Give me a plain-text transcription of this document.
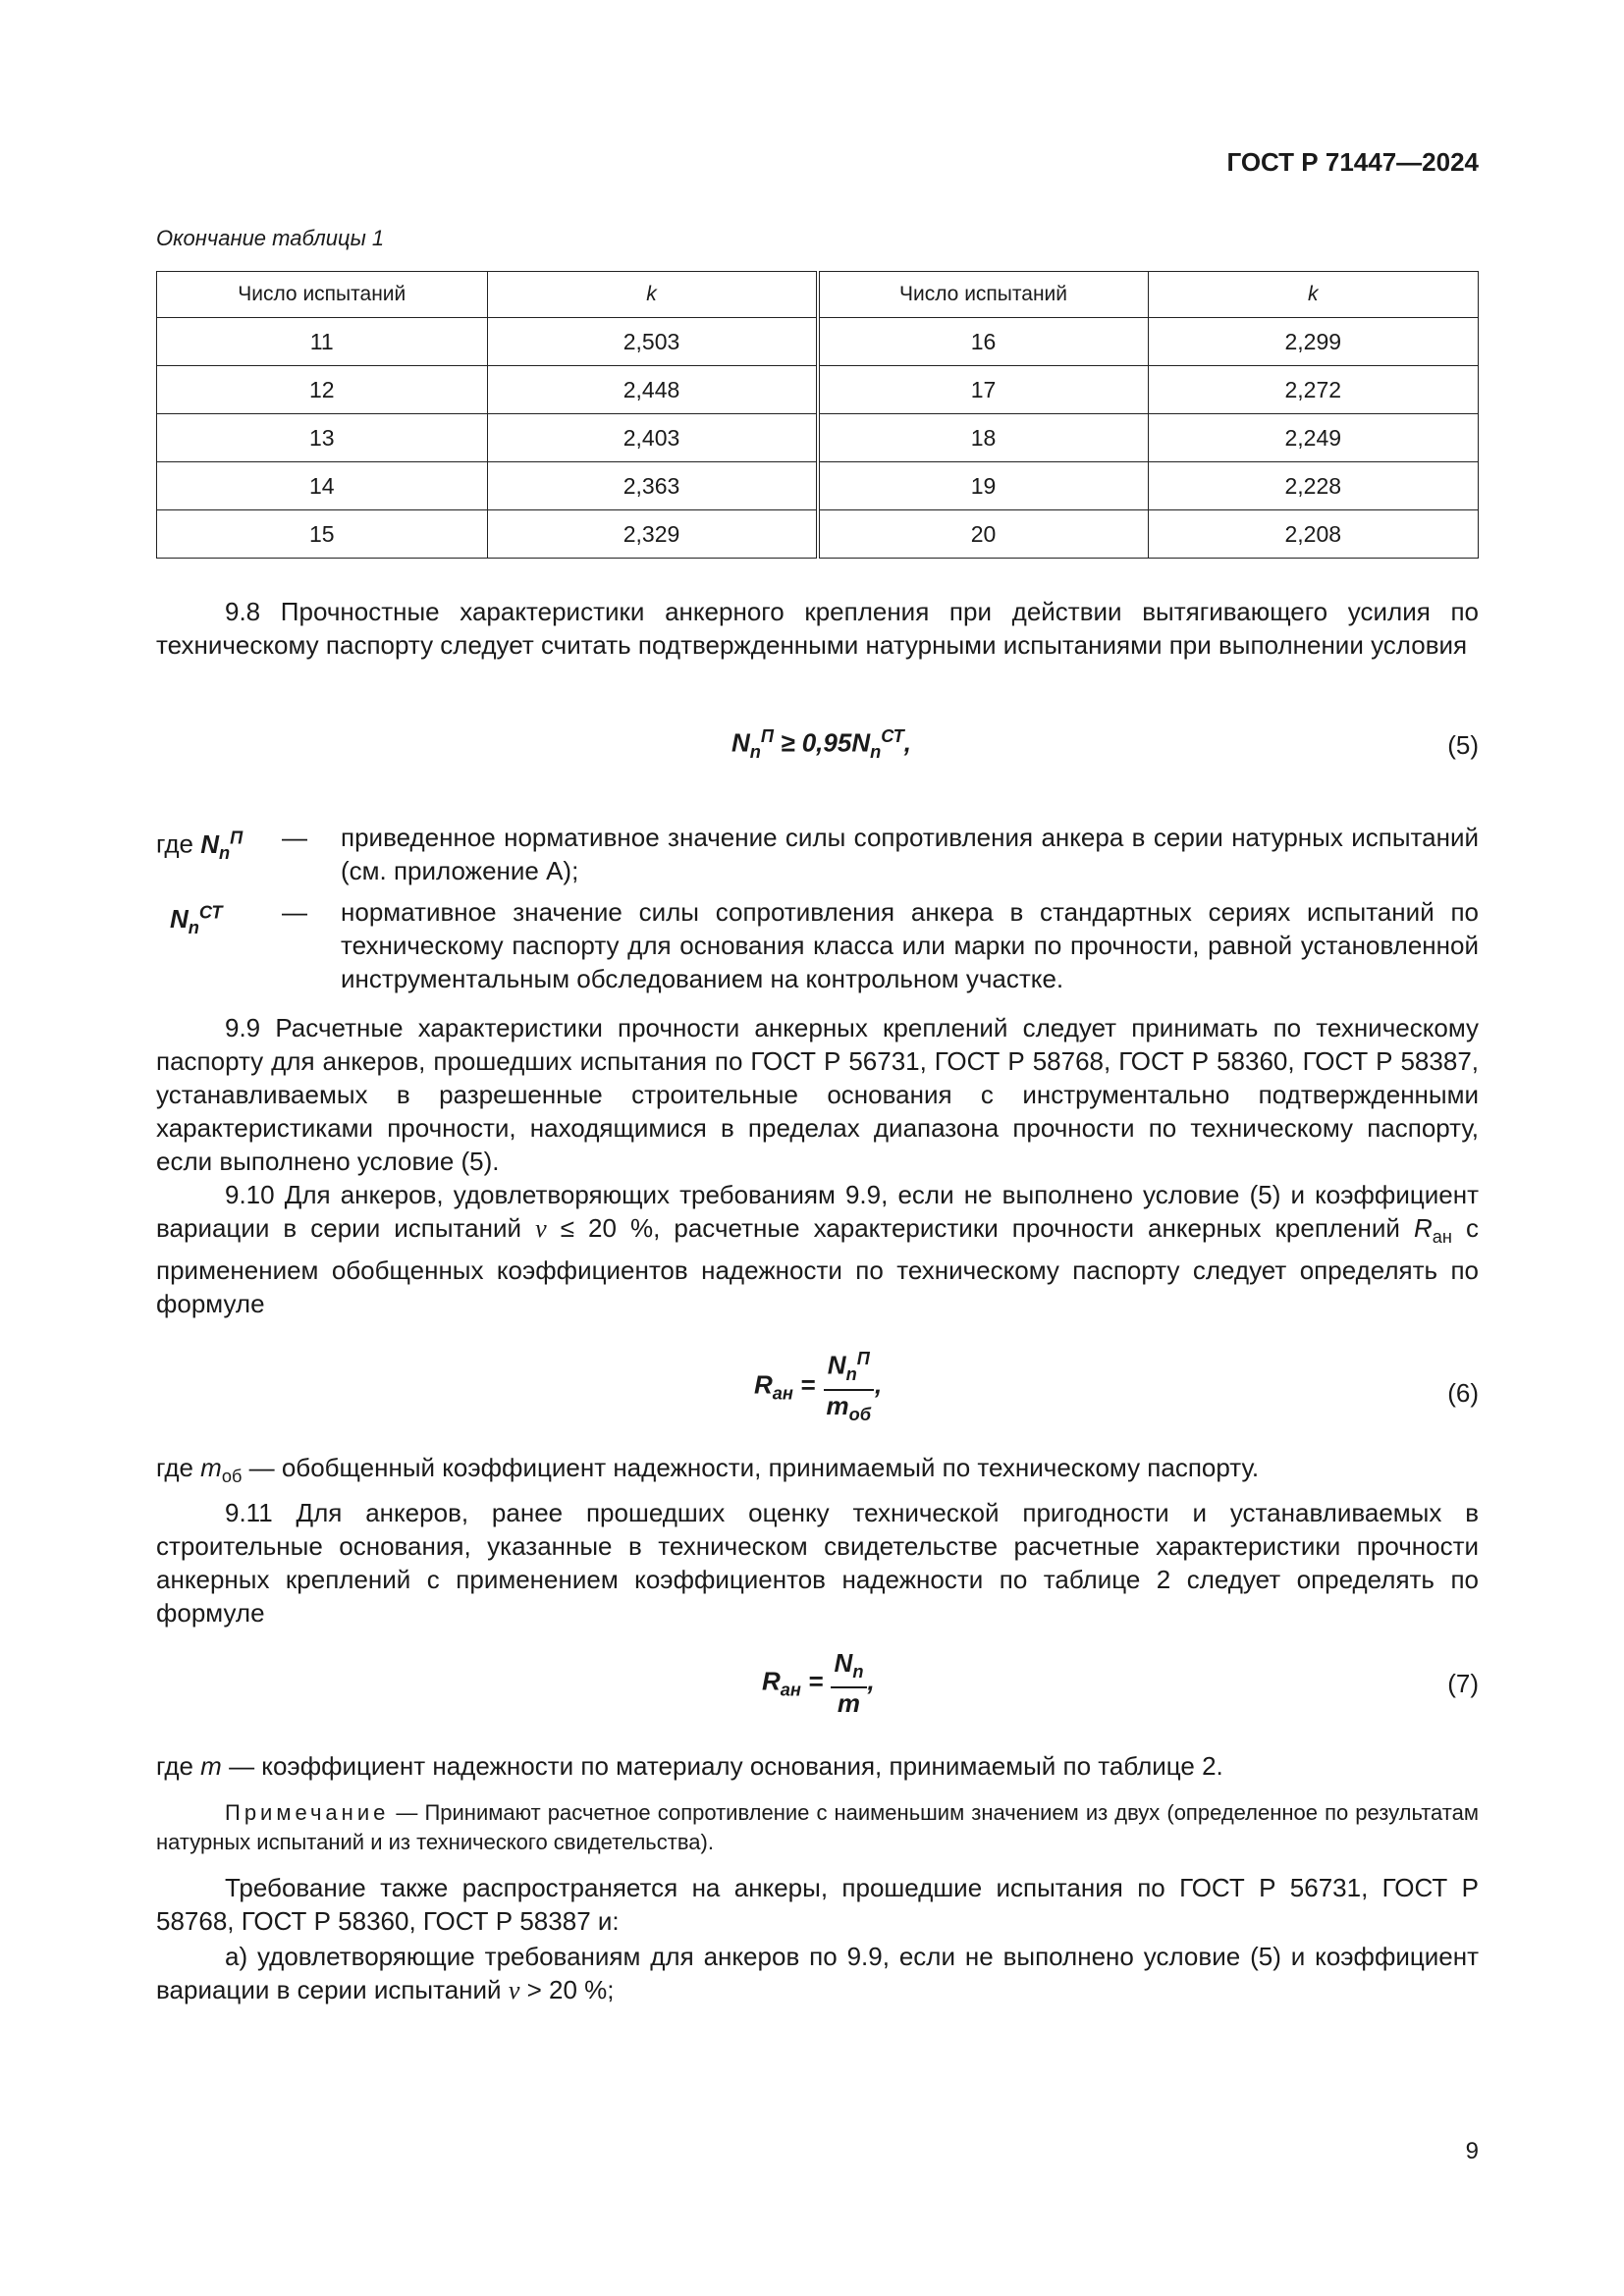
ГОСТ Р 71447—2024
Окончание таблицы 1
Число испытаний	k	Число испытаний	k
11	2,503	16	2,299
12	2,448	17	2,272
13	2,403	18	2,249
14	2,363	19	2,228
15	2,329	20	2,208
9.8 Прочностные характеристики анкерного крепления при действии вытягивающего усилия по техническому паспорту следует считать подтвержденными натурными испытаниями при выполнении условия
$N_n^П \ge 0,95N_n^{СТ}$,	(5)
где $N_n^П$	—	приведенное нормативное значение силы сопротивления анкера в серии натурных испытаний (см. приложение А);
$N_n^{СТ}$	—	нормативное значение силы сопротивления анкера в стандартных сериях испытаний по техническому паспорту для основания класса или марки по прочности, равной установленной инструментальным обследованием на контрольном участке.
9.9 Расчетные характеристики прочности анкерных креплений следует принимать по техническому паспорту для анкеров, прошедших испытания по ГОСТ Р 56731, ГОСТ Р 58768, ГОСТ Р 58360, ГОСТ Р 58387, устанавливаемых в разрешенные строительные основания с инструментально подтвержденными характеристиками прочности, находящимися в пределах диапазона прочности по техническому паспорту, если выполнено условие (5).
9.10 Для анкеров, удовлетворяющих требованиям 9.9, если не выполнено условие (5) и коэффициент вариации в серии испытаний v ≤ 20 %, расчетные характеристики прочности анкерных креплений $R_{ан}$ с применением обобщенных коэффициентов надежности по техническому паспорту следует определять по формуле
$R_{ан} = \frac{N_n^П}{m_{об}}$ ,	(6)
где $m_{об}$ — обобщенный коэффициент надежности, принимаемый по техническому паспорту.
9.11 Для анкеров, ранее прошедших оценку технической пригодности и устанавливаемых в строительные основания, указанные в техническом свидетельстве расчетные характеристики прочности анкерных креплений с применением коэффициентов надежности по таблице 2 следует определять по формуле
$R_{ан} = \frac{N_n}{m}$ ,	(7)
где m — коэффициент надежности по материалу основания, принимаемый по таблице 2.
Примечание — Принимают расчетное сопротивление с наименьшим значением из двух (определенное по результатам натурных испытаний и из технического свидетельства).
Требование также распространяется на анкеры, прошедшие испытания по ГОСТ Р 56731, ГОСТ Р 58768, ГОСТ Р 58360, ГОСТ Р 58387 и:
а) удовлетворяющие требованиям для анкеров по 9.9, если не выполнено условие (5) и коэффициент вариации в серии испытаний v > 20 %;
9
